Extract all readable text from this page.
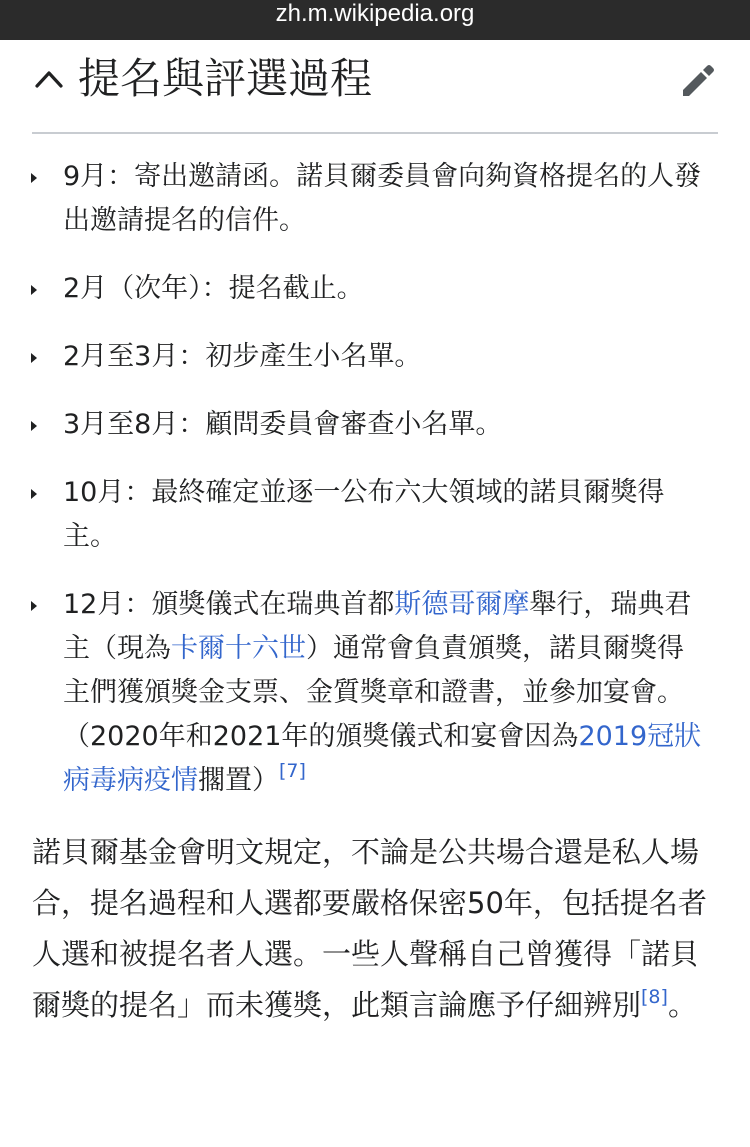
zh.m.wikipedia.org
提名與評選過程
9月：寄出邀請函。諾貝爾委員會向夠資格提名的人發出邀請提名的信件。
2月（次年）：提名截止。
2月至3月：初步產生小名單。
3月至8月：顧問委員會審查小名單。
10月：最終確定並逐一公布六大領域的諾貝爾獎得主。
12月：頒獎儀式在瑞典首都斯德哥爾摩舉行，瑞典君主（現為卡爾十六世）通常會負責頒獎，諾貝爾獎得主們獲頒獎金支票、金質獎章和證書，並參加宴會。（2020年和2021年的頒獎儀式和宴會因為2019冠狀病毒病疫情擱置）[7]

諾貝爾基金會明文規定，不論是公共場合還是私人場合，提名過程和人選都要嚴格保密50年，包括提名者人選和被提名者人選。一些人聲稱自己曾獲得「諾貝爾獎的提名」而未獲獎，此類言論應予仔細辨別[8]。
